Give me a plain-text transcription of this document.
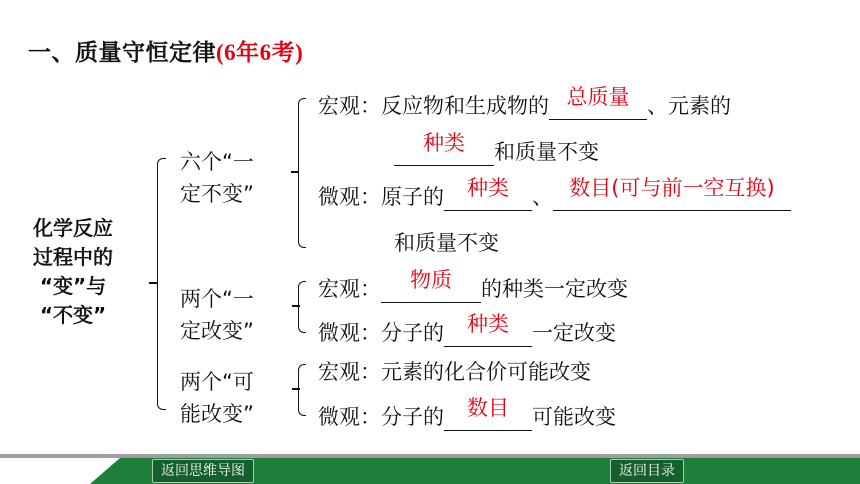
一、质量守恒定律(6年6考)
化学反应
过程中的
“变”与
“不变”
六个“一
定不变”
两个“一
定改变”
两个“可
能改变”
宏观：反应物和生成物的 总质量 、元素的
种类 和质量不变
微观：原子的 种类 、 数目(可与前一空互换)
和质量不变
宏观： 物质 的种类一定改变
微观：分子的 种类 一定改变
宏观：元素的化合价可能改变
微观：分子的 数目 可能改变
返回思维导图	返回目录
